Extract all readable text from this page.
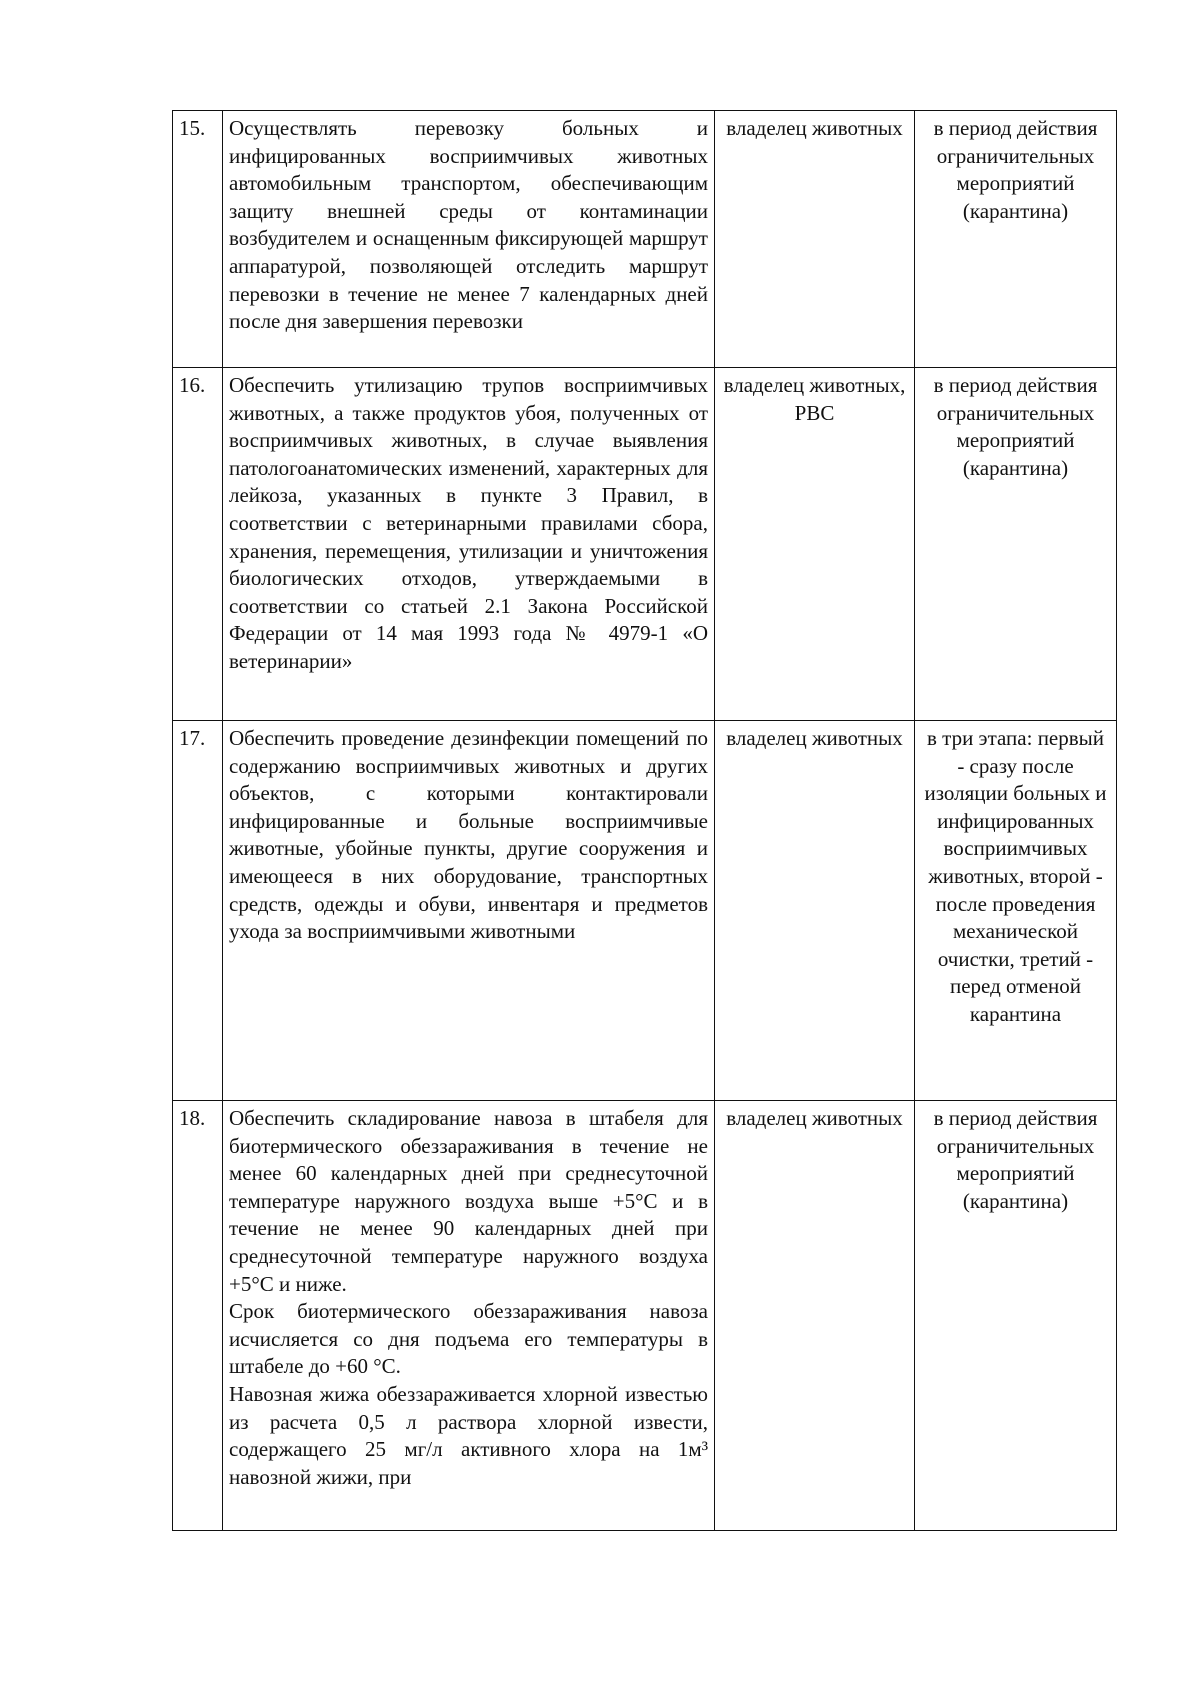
15.	Осуществлять перевозку больных и инфицированных восприимчивых животных автомобильным транспортом, обеспечивающим защиту внешней среды от контаминации возбудителем и оснащенным фиксирующей маршрут аппаратурой, позволяющей отследить маршрут перевозки в течение не менее 7 календарных дней после дня завершения перевозки	владелец животных	в период действия ограничительных мероприятий (карантина)
16.	Обеспечить утилизацию трупов восприимчивых животных, а также продуктов убоя, полученных от восприимчивых животных, в случае выявления патологоанатомических изменений, характерных для лейкоза, указанных в пункте 3 Правил, в соответствии с ветеринарными правилами сбора, хранения, перемещения, утилизации и уничтожения биологических отходов, утверждаемыми в соответствии со статьей 2.1 Закона Российской Федерации от 14 мая 1993 года № 4979-1 «О ветеринарии»	владелец животных, РВС	в период действия ограничительных мероприятий (карантина)
17.	Обеспечить проведение дезинфекции помещений по содержанию восприимчивых животных и других объектов, с которыми контактировали инфицированные и больные восприимчивые животные, убойные пункты, другие сооружения и имеющееся в них оборудование, транспортных средств, одежды и обуви, инвентаря и предметов ухода за восприимчивыми животными	владелец животных	в три этапа: первый - сразу после изоляции больных и инфицированных восприимчивых животных, второй - после проведения механической очистки, третий - перед отменой карантина
18.	Обеспечить складирование навоза в штабеля для биотермического обеззараживания в течение не менее 60 календарных дней при среднесуточной температуре наружного воздуха выше +5°С и в течение не менее 90 календарных дней при среднесуточной температуре наружного воздуха +5°С и ниже.
Срок биотермического обеззараживания навоза исчисляется со дня подъема его температуры в штабеле до +60 °С.
Навозная жижа обеззараживается хлорной известью из расчета 0,5 л раствора хлорной извести, содержащего 25 мг/л активного хлора на 1м³ навозной жижи, при	владелец животных	в период действия ограничительных мероприятий (карантина)
